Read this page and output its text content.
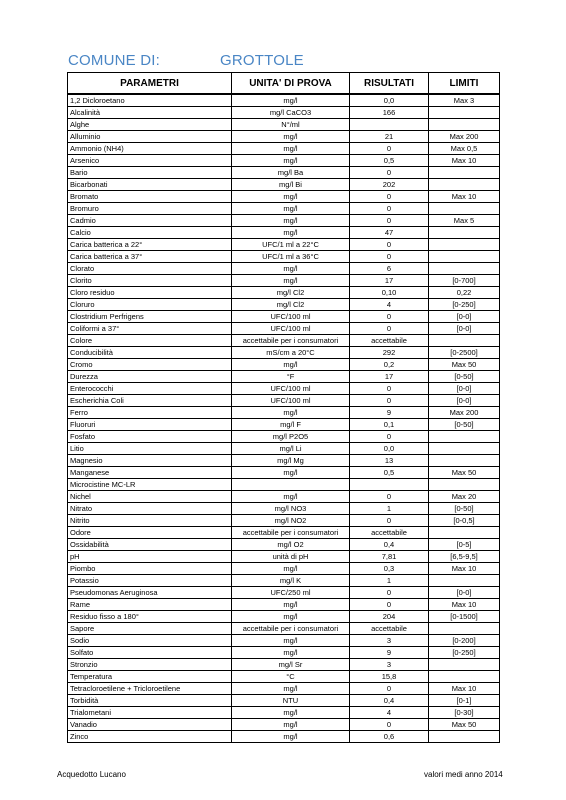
COMUNE DI:	GROTTOLE
PARAMETRI	UNITA' DI PROVA	RISULTATI	LIMITI
1,2 Dicloroetano	mg/l	0,0	Max 3
Alcalinità	mg/l CaCO3	166	
Alghe	N°/ml		
Alluminio	mg/l	21	Max 200
Ammonio (NH4)	mg/l	0	Max 0,5
Arsenico	mg/l	0,5	Max 10
Bario	mg/l Ba	0	
Bicarbonati	mg/l Bi	202	
Bromato	mg/l	0	Max 10
Bromuro	mg/l	0	
Cadmio	mg/l	0	Max 5
Calcio	mg/l	47	
Carica batterica a 22°	UFC/1 ml a 22°C	0	
Carica batterica a 37°	UFC/1 ml a 36°C	0	
Clorato	mg/l	6	
Clorito	mg/l	17	[0-700]
Cloro residuo	mg/l Cl2	0,10	0,22
Cloruro	mg/l Cl2	4	[0-250]
Clostridium Perfrigens	UFC/100 ml	0	[0-0]
Coliformi a 37°	UFC/100 ml	0	[0-0]
Colore	accettabile per i consumatori	accettabile	
Conducibilità	mS/cm a 20°C	292	[0-2500]
Cromo	mg/l	0,2	Max 50
Durezza	°F	17	[0-50]
Enterococchi	UFC/100 ml	0	[0-0]
Escherichia Coli	UFC/100 ml	0	[0-0]
Ferro	mg/l	9	Max 200
Fluoruri	mg/l F	0,1	[0-50]
Fosfato	mg/l P2O5	0	
Litio	mg/l Li	0,0	
Magnesio	mg/l Mg	13	
Manganese	mg/l	0,5	Max 50
Microcistine MC-LR			
Nichel	mg/l	0	Max 20
Nitrato	mg/l NO3	1	[0-50]
Nitrito	mg/l NO2	0	[0-0,5]
Odore	accettabile per i consumatori	accettabile	
Ossidabilità	mg/l O2	0,4	[0-5]
pH	unità di pH	7,81	[6,5-9,5]
Piombo	mg/l	0,3	Max 10
Potassio	mg/l K	1	
Pseudomonas Aeruginosa	UFC/250 ml	0	[0-0]
Rame	mg/l	0	Max 10
Residuo fisso a 180°	mg/l	204	[0-1500]
Sapore	accettabile per i consumatori	accettabile	
Sodio	mg/l	3	[0-200]
Solfato	mg/l	9	[0-250]
Stronzio	mg/l Sr	3	
Temperatura	°C	15,8	
Tetracloroetilene + Tricloroetilene	mg/l	0	Max 10
Torbidità	NTU	0,4	[0-1]
Trialometani	mg/l	4	[0-30]
Vanadio	mg/l	0	Max 50
Zinco	mg/l	0,6	
Acquedotto Lucano	valori medi anno 2014
